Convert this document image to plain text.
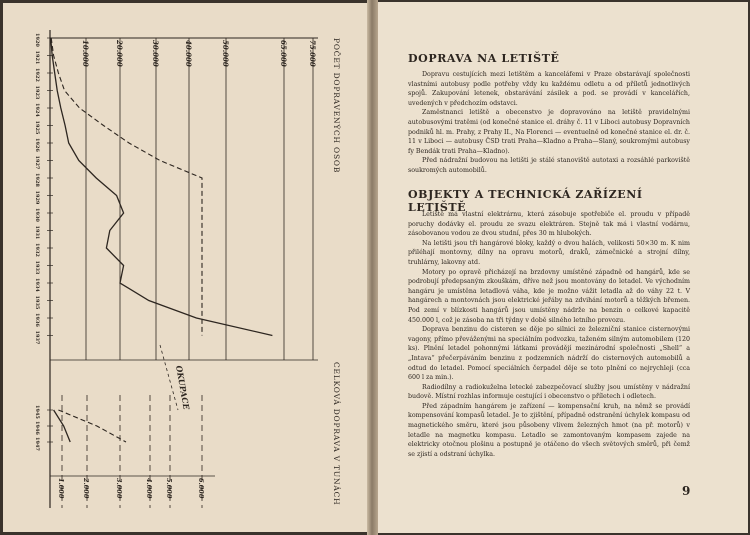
10.000	20.000	30.000	40.000	50.000	65.000	75.000
1920
1921
1922
1923
1924
1925
1926
1927
1928
1929
1930
1931
1932
1933
1934
1935
1936
1937
1.000	2.000	3.000	4.000 5.000	6.000
1945
1946
1947
POČET DOPRAVENÝCH OSOB
CELKOVÁ DOPRAVA V TUNÁCH
OKUPACE
DOPRAVA NA LETIŠTĚ

Dopravu cestujících mezi letištěm a kanceláfemi v Praze obstarávají společnosti vlastními autobusy podle potřeby vždy ku každému odletu a od příletů jednotlivých spojů. Zakupování letenek, obstarávání zásilek a pod. se provádí v kancelářích, uvedených v předchozím odstavci.

Zaměstnanci letiště a obecenstvo je dopravováno na letiště pravidelnými autobusovými tratěmi (od konečné stanice el. dráhy č. 11 v Liboci autobusy Dopravních podniků hl. m. Prahy, z Prahy II., Na Florenci — eventuelně od konečné stanice el. dr. č. 11 v Liboci — autobusy ČSD trati Praha—Kladno a Praha—Slaný, soukromými autobusy fy Bendák trati Praha—Kladno).

Před nádražní budovou na letišti je stálé stanoviště autotaxi a rozsáhlé parkoviště soukromých automobilů.

OBJEKTY A TECHNICKÁ ZAŘÍZENÍ LETIŠTĚ

Letiště má vlastní elektrárnu, která zásobuje spotřebiče el. proudu v případě poruchy dodávky el. proudu ze svazu elektráren. Stejně tak má i vlastní vodárnu, zásobovanou vodou ze dvou studní, přes 30 m hlubokých.

Na letišti jsou tři hangárové bloky, každý o dvou halách, velikosti 50×30 m. K nim přiléhají montovny, dílny na opravu motorů, draků, zámečnické a strojní dílny, truhlárny, lakovny atd.

Motory po opravě přicházejí na brzdovny umístěné západně od hangárů, kde se podrobují předepsaným zkouškám, dříve než jsou montovány do letadel. Ve východním hangáru je umístěna letadlová váha, kde je možno vážit letadla až do váhy 22 t. V hangárech a montovnách jsou elektrické jeřáby na zdvihání motorů a těžkých břemen. Pod zemí v blízkosti hangárů jsou umístěny nádrže na benzin o celkové kapacitě 450.000 l, což je zásoba na tři týdny v době silného letního provozu.

Doprava benzinu do cisteren se děje po silnici ze železniční stanice cisternovými vagony, přímo převáženými na speciálním podvozku, taženém silným automobilem (120 ks). Plnění letadel pohonnými látkami provádějí mezinárodní společnosti „Shell“ a „Intava“ přečerpáváním benzinu z podzemních nádrží do cisternových automobilů a odtud do letadel. Pomocí speciálních čerpadel děje se toto plnění co nejrychleji (cca 600 l za min.).

Radiodílny a radiokuželna letecké zabezpečovací služby jsou umístěny v nádražní budově. Místní rozhlas informuje cestující i obecenstvo o příletech i odletech.

Před západním hangárem je zařízení — kompensační kruh, na němž se provádí kompensování kompasů letadel. Je to zjištění, případně odstranění úchylek kompasu od magnetického směru, které jsou působeny vlivem železných hmot (na př. motorů) v letadle na magnetku kompasu. Letadlo se zamontovaným kompasem zajede na elektricky otočnou plošinu a postupně je otáčeno do všech světových směrů, při čemž se zjistí a odstraní úchylka.

9
